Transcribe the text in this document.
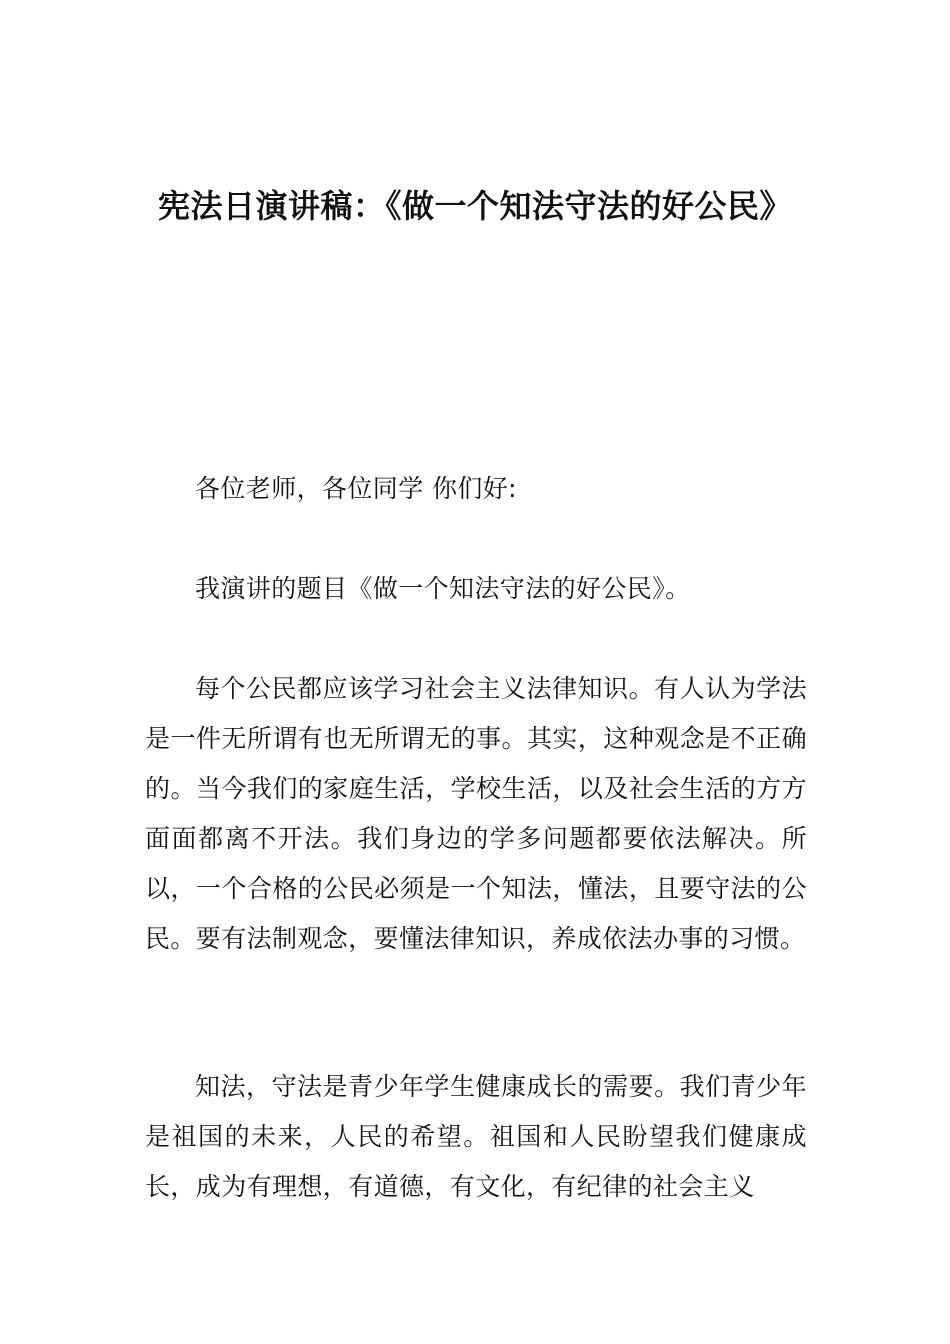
宪法日演讲稿：《做一个知法守法的好公民》

各位老师，各位同学 你们好:

我演讲的题目《做一个知法守法的好公民》。

每个公民都应该学习社会主义法律知识。有人认为学法是一件无所谓有也无所谓无的事。其实，这种观念是不正确的。当今我们的家庭生活，学校生活，以及社会生活的方方面面都离不开法。我们身边的学多问题都要依法解决。所以，一个合格的公民必须是一个知法，懂法，且要守法的公民。要有法制观念，要懂法律知识，养成依法办事的习惯。

知法，守法是青少年学生健康成长的需要。我们青少年是祖国的未来，人民的希望。祖国和人民盼望我们健康成长，成为有理想，有道德，有文化，有纪律的社会主义
